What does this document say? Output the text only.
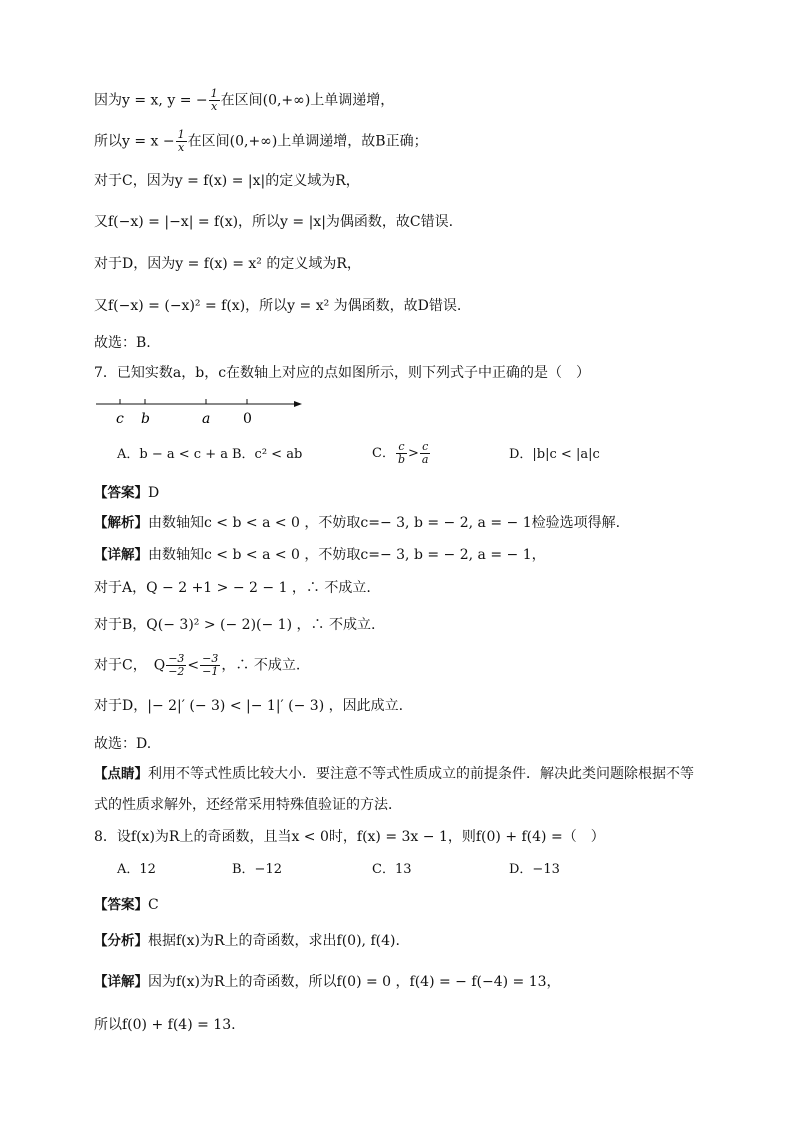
因为y = x, y = − $\frac{1}{x}$ 在区间(0,+∞)上单调递增，
所以$y = x - \frac{1}{x}$ 在区间(0,+∞)上单调递增，故B正确；
对于C，因为y = f(x) = |x|的定义域为R，
又f(−x) = |−x| = f(x)，所以y = |x|为偶函数，故C错误.
对于D，因为y = f(x) = x² 的定义域为R，
又f(−x) = (−x)² = f(x)，所以y = x² 为偶函数，故D错误.
故选：B.
7．已知实数a，b，c在数轴上对应的点如图所示，则下列式子中正确的是（　）
c b	a 0
A．b − a < c + a B．c² < ab	C． $\frac{c}{b} > \frac{c}{a}$	D．|b|c < |a|c
【答案】D
【解析】由数轴知c < b < a < 0 ，不妨取c=− 3, b = − 2, a = − 1检验选项得解.
【详解】由数轴知c < b < a < 0 ，不妨取c=− 3, b = − 2, a = − 1，
对于A，Q − 2 +1 > − 2 − 1 ，∴ 不成立.
对于B，Q(− 3)² > (− 2)(− 1) ，∴ 不成立.
对于C，　Q $\frac{-3}{-2} < \frac{-3}{-1}$ ，∴ 不成立.
对于D，|− 2|′ (− 3) < |− 1|′ (− 3) ，因此成立.
故选：D.
【点睛】利用不等式性质比较大小．要注意不等式性质成立的前提条件．解决此类问题除根据不等
式的性质求解外，还经常采用特殊值验证的方法．
8．设f(x)为R上的奇函数，且当x < 0时，f(x) = 3x − 1，则f(0) + f(4) =（　）
A．12	B．−12	C．13	D．−13
【答案】C
【分析】根据f(x)为R上的奇函数，求出f(0), f(4).
【详解】因为f(x)为R上的奇函数，所以f(0) = 0 ，f(4) = − f(−4) = 13，
所以f(0) + f(4) = 13.
